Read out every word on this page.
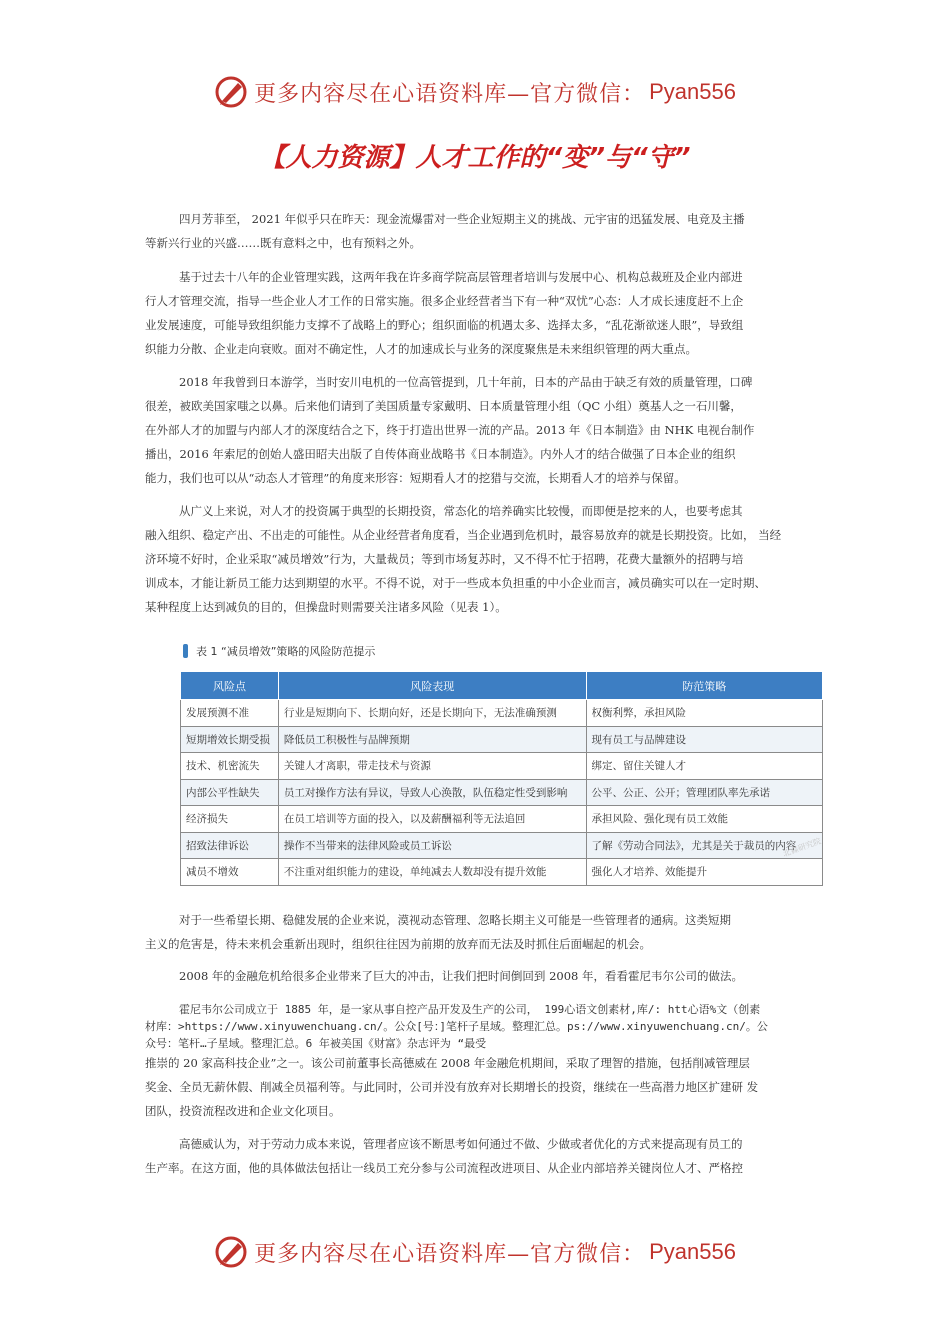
更多内容尽在心语资料库—官方微信： Pyan556
【人力资源】人才工作的“变”与“守”

四月芳菲至， 2021 年似乎只在昨天：现金流爆雷对一些企业短期主义的挑战、元宇宙的迅猛发展、电竞及主播
等新兴行业的兴盛……既有意料之中，也有预料之外。

基于过去十八年的企业管理实践，这两年我在许多商学院高层管理者培训与发展中心、机构总裁班及企业内部进
行人才管理交流，指导一些企业人才工作的日常实施。很多企业经营者当下有一种“双忧”心态：人才成长速度赶不上企
业发展速度，可能导致组织能力支撑不了战略上的野心；组织面临的机遇太多、选择太多，“乱花渐欲迷人眼”，导致组
织能力分散、企业走向衰败。面对不确定性，人才的加速成长与业务的深度聚焦是未来组织管理的两大重点。

2018 年我曾到日本游学，当时安川电机的一位高管提到，几十年前，日本的产品由于缺乏有效的质量管理，口碑
很差，被欧美国家嗤之以鼻。后来他们请到了美国质量专家戴明、日本质量管理小组（QC 小组）奠基人之一石川馨，
在外部人才的加盟与内部人才的深度结合之下，终于打造出世界一流的产品。2013 年《日本制造》由 NHK 电视台制作
播出，2016 年索尼的创始人盛田昭夫出版了自传体商业战略书《日本制造》。内外人才的结合做强了日本企业的组织
能力，我们也可以从“动态人才管理”的角度来形容：短期看人才的挖猎与交流，长期看人才的培养与保留。

从广义上来说，对人才的投资属于典型的长期投资，常态化的培养确实比较慢，而即便是挖来的人，也要考虑其
融入组织、稳定产出、不出走的可能性。从企业经营者角度看，当企业遇到危机时，最容易放弃的就是长期投资。比如， 当经
济环境不好时，企业采取“减员增效”行为，大量裁员；等到市场复苏时，又不得不忙于招聘，花费大量额外的招聘与培
训成本，才能让新员工能力达到期望的水平。不得不说，对于一些成本负担重的中小企业而言，减员确实可以在一定时期、
某种程度上达到减负的目的，但操盘时则需要关注诸多风险（见表 1）。

表 1 “减员增效”策略的风险防范提示
风险点	风险表现	防范策略
发展预测不准	行业是短期向下、长期向好，还是长期向下，无法准确预测	权衡利弊，承担风险
短期增效长期受损	降低员工积极性与品牌预期	现有员工与品牌建设
技术、机密流失	关键人才离职，带走技术与资源	绑定、留住关键人才
内部公平性缺失	员工对操作方法有异议，导致人心涣散，队伍稳定性受到影响	公平、公正、公开；管理团队率先承诺
经济损失	在员工培训等方面的投入，以及薪酬福利等无法追回	承担风险、强化现有员工效能
招致法律诉讼	操作不当带来的法律风险或员工诉讼	了解《劳动合同法》，尤其是关于裁员的内容
减员不增效	不注重对组织能力的建设，单纯减去人数却没有提升效能	强化人才培养、效能提升
北森研究院

对于一些希望长期、稳健发展的企业来说，漠视动态管理、忽略长期主义可能是一些管理者的通病。这类短期
主义的危害是，待未来机会重新出现时，组织往往因为前期的放弃而无法及时抓住后面崛起的机会。

2008 年的金融危机给很多企业带来了巨大的冲击，让我们把时间倒回到 2008 年，看看霍尼韦尔公司的做法。

霍尼韦尔公司成立于 1885 年，是一家从事自控产品开发及生产的公司， 199心语文创素材,库/: htt心语%文（创素
材库：>https://www.xinyuwenchuang.cn/。公众[号：]笔杆子星域。整理汇总。ps://www.xinyuwenchuang.cn/。公
众号：笔杆…子星域。整理汇总。6 年被美国《财富》杂志评为 “最受

推崇的 20 家高科技企业”之一。该公司前董事长高德威在 2008 年金融危机期间，采取了理智的措施，包括削减管理层
奖金、全员无薪休假、削减全员福利等。与此同时，公司并没有放弃对长期增长的投资，继续在一些高潜力地区扩建研 发
团队，投资流程改进和企业文化项目。

高德威认为，对于劳动力成本来说，管理者应该不断思考如何通过不做、少做或者优化的方式来提高现有员工的
生产率。在这方面，他的具体做法包括让一线员工充分参与公司流程改进项目、从企业内部培养关键岗位人才、严格控

更多内容尽在心语资料库—官方微信： Pyan556
